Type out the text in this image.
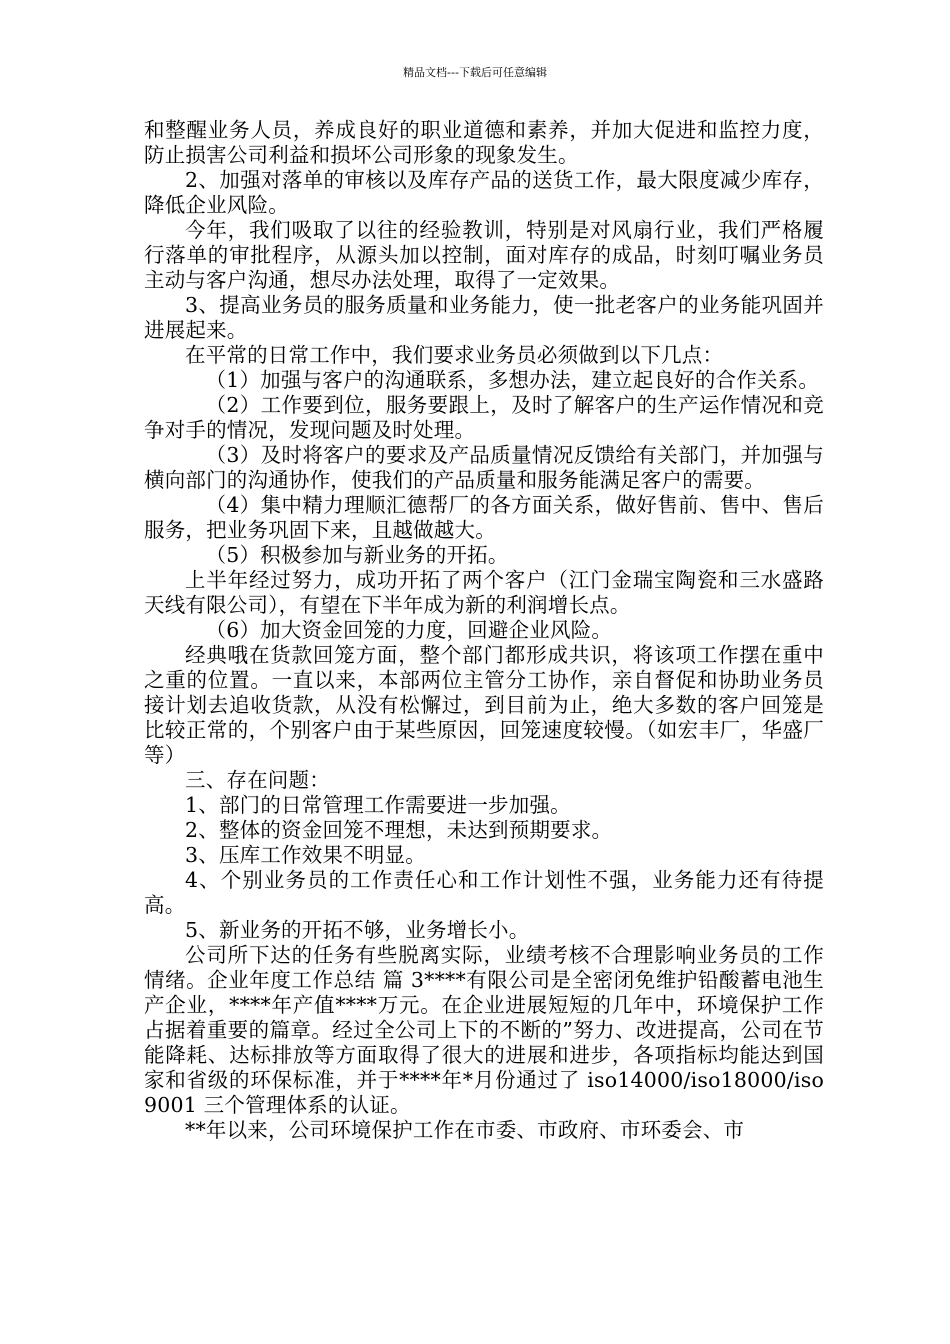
精品文档---下载后可任意编辑

和整醒业务人员，养成良好的职业道德和素养，并加大促进和监控力度，防止损害公司利益和损坏公司形象的现象发生。

2、加强对落单的审核以及库存产品的送货工作，最大限度减少库存，降低企业风险。

今年，我们吸取了以往的经验教训，特别是对风扇行业，我们严格履行落单的审批程序，从源头加以控制，面对库存的成品，时刻叮嘱业务员主动与客户沟通，想尽办法处理，取得了一定效果。

3、提高业务员的服务质量和业务能力，使一批老客户的业务能巩固并进展起来。

在平常的日常工作中，我们要求业务员必须做到以下几点：

（1）加强与客户的沟通联系，多想办法，建立起良好的合作关系。

（2）工作要到位，服务要跟上，及时了解客户的生产运作情况和竞争对手的情况，发现问题及时处理。

（3）及时将客户的要求及产品质量情况反馈给有关部门，并加强与横向部门的沟通协作，使我们的产品质量和服务能满足客户的需要。

（4）集中精力理顺汇德帮厂的各方面关系，做好售前、售中、售后服务，把业务巩固下来，且越做越大。

（5）积极参加与新业务的开拓。

上半年经过努力，成功开拓了两个客户（江门金瑞宝陶瓷和三水盛路天线有限公司），有望在下半年成为新的利润增长点。

（6）加大资金回笼的力度，回避企业风险。

经典哦在货款回笼方面，整个部门都形成共识，将该项工作摆在重中之重的位置。一直以来，本部两位主管分工协作，亲自督促和协助业务员接计划去追收货款，从没有松懈过，到目前为止，绝大多数的客户回笼是比较正常的，个别客户由于某些原因，回笼速度较慢。（如宏丰厂，华盛厂等）

三、存在问题：

1、部门的日常管理工作需要进一步加强。

2、整体的资金回笼不理想，未达到预期要求。

3、压库工作效果不明显。

4、个别业务员的工作责任心和工作计划性不强，业务能力还有待提高。

5、新业务的开拓不够，业务增长小。

公司所下达的任务有些脱离实际，业绩考核不合理影响业务员的工作情绪。企业年度工作总结 篇 3****有限公司是全密闭免维护铅酸蓄电池生产企业，****年产值****万元。在企业进展短短的几年中，环境保护工作占据着重要的篇章。经过全公司上下的不断的”努力、改进提高，公司在节能降耗、达标排放等方面取得了很大的进展和进步，各项指标均能达到国家和省级的环保标准，并于****年*月份通过了 iso14000/iso18000/iso9001 三个管理体系的认证。

**年以来，公司环境保护工作在市委、市政府、市环委会、市
